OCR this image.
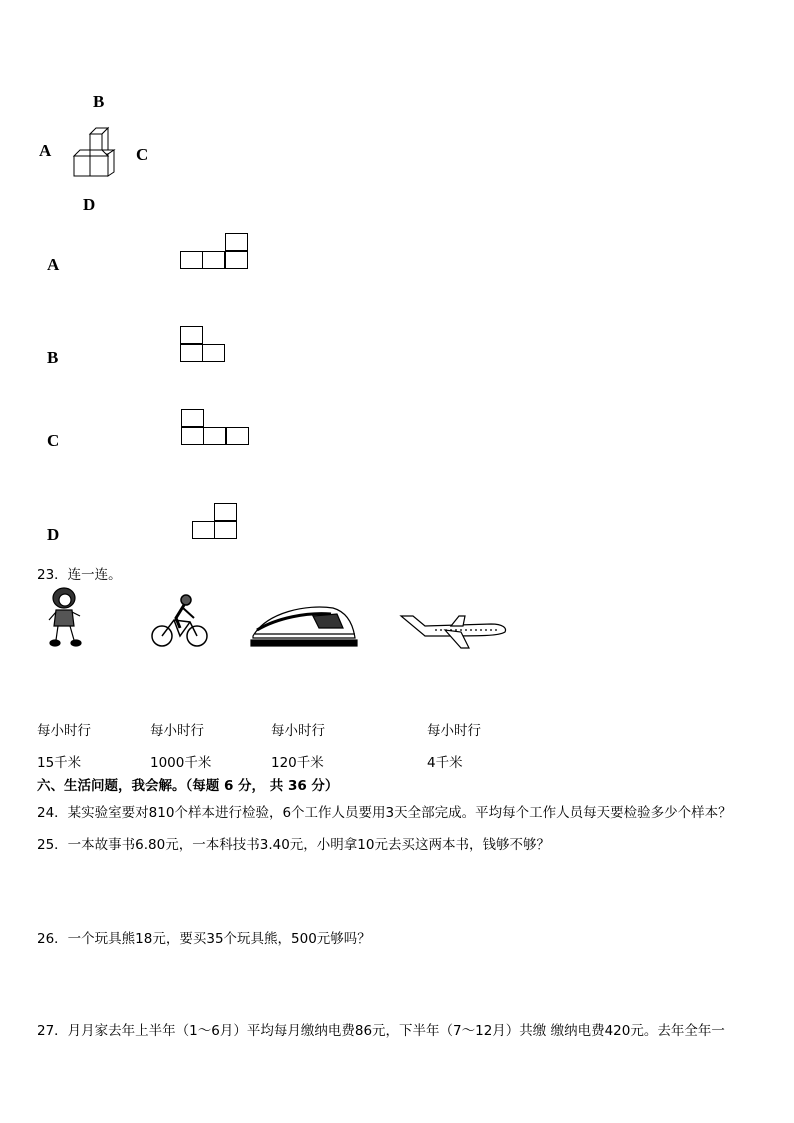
B
A	C
D
A
B
C
D
23．连一连。
每小时行	每小时行	每小时行	每小时行
15千米	1000千米	120千米	4千米
六、生活问题，我会解。（每题 6 分， 共 36 分）
24．某实验室要对810个样本进行检验，6个工作人员要用3天全部完成。平均每个工作人员每天要检验多少个样本？
25．一本故事书6.80元，一本科技书3.40元，小明拿10元去买这两本书，钱够不够？
26．一个玩具熊18元，要买35个玩具熊，500元够吗？
27．月月家去年上半年（1～6月）平均每月缴纳电费86元，下半年（7～12月）共缴 缴纳电费420元。去年全年一
